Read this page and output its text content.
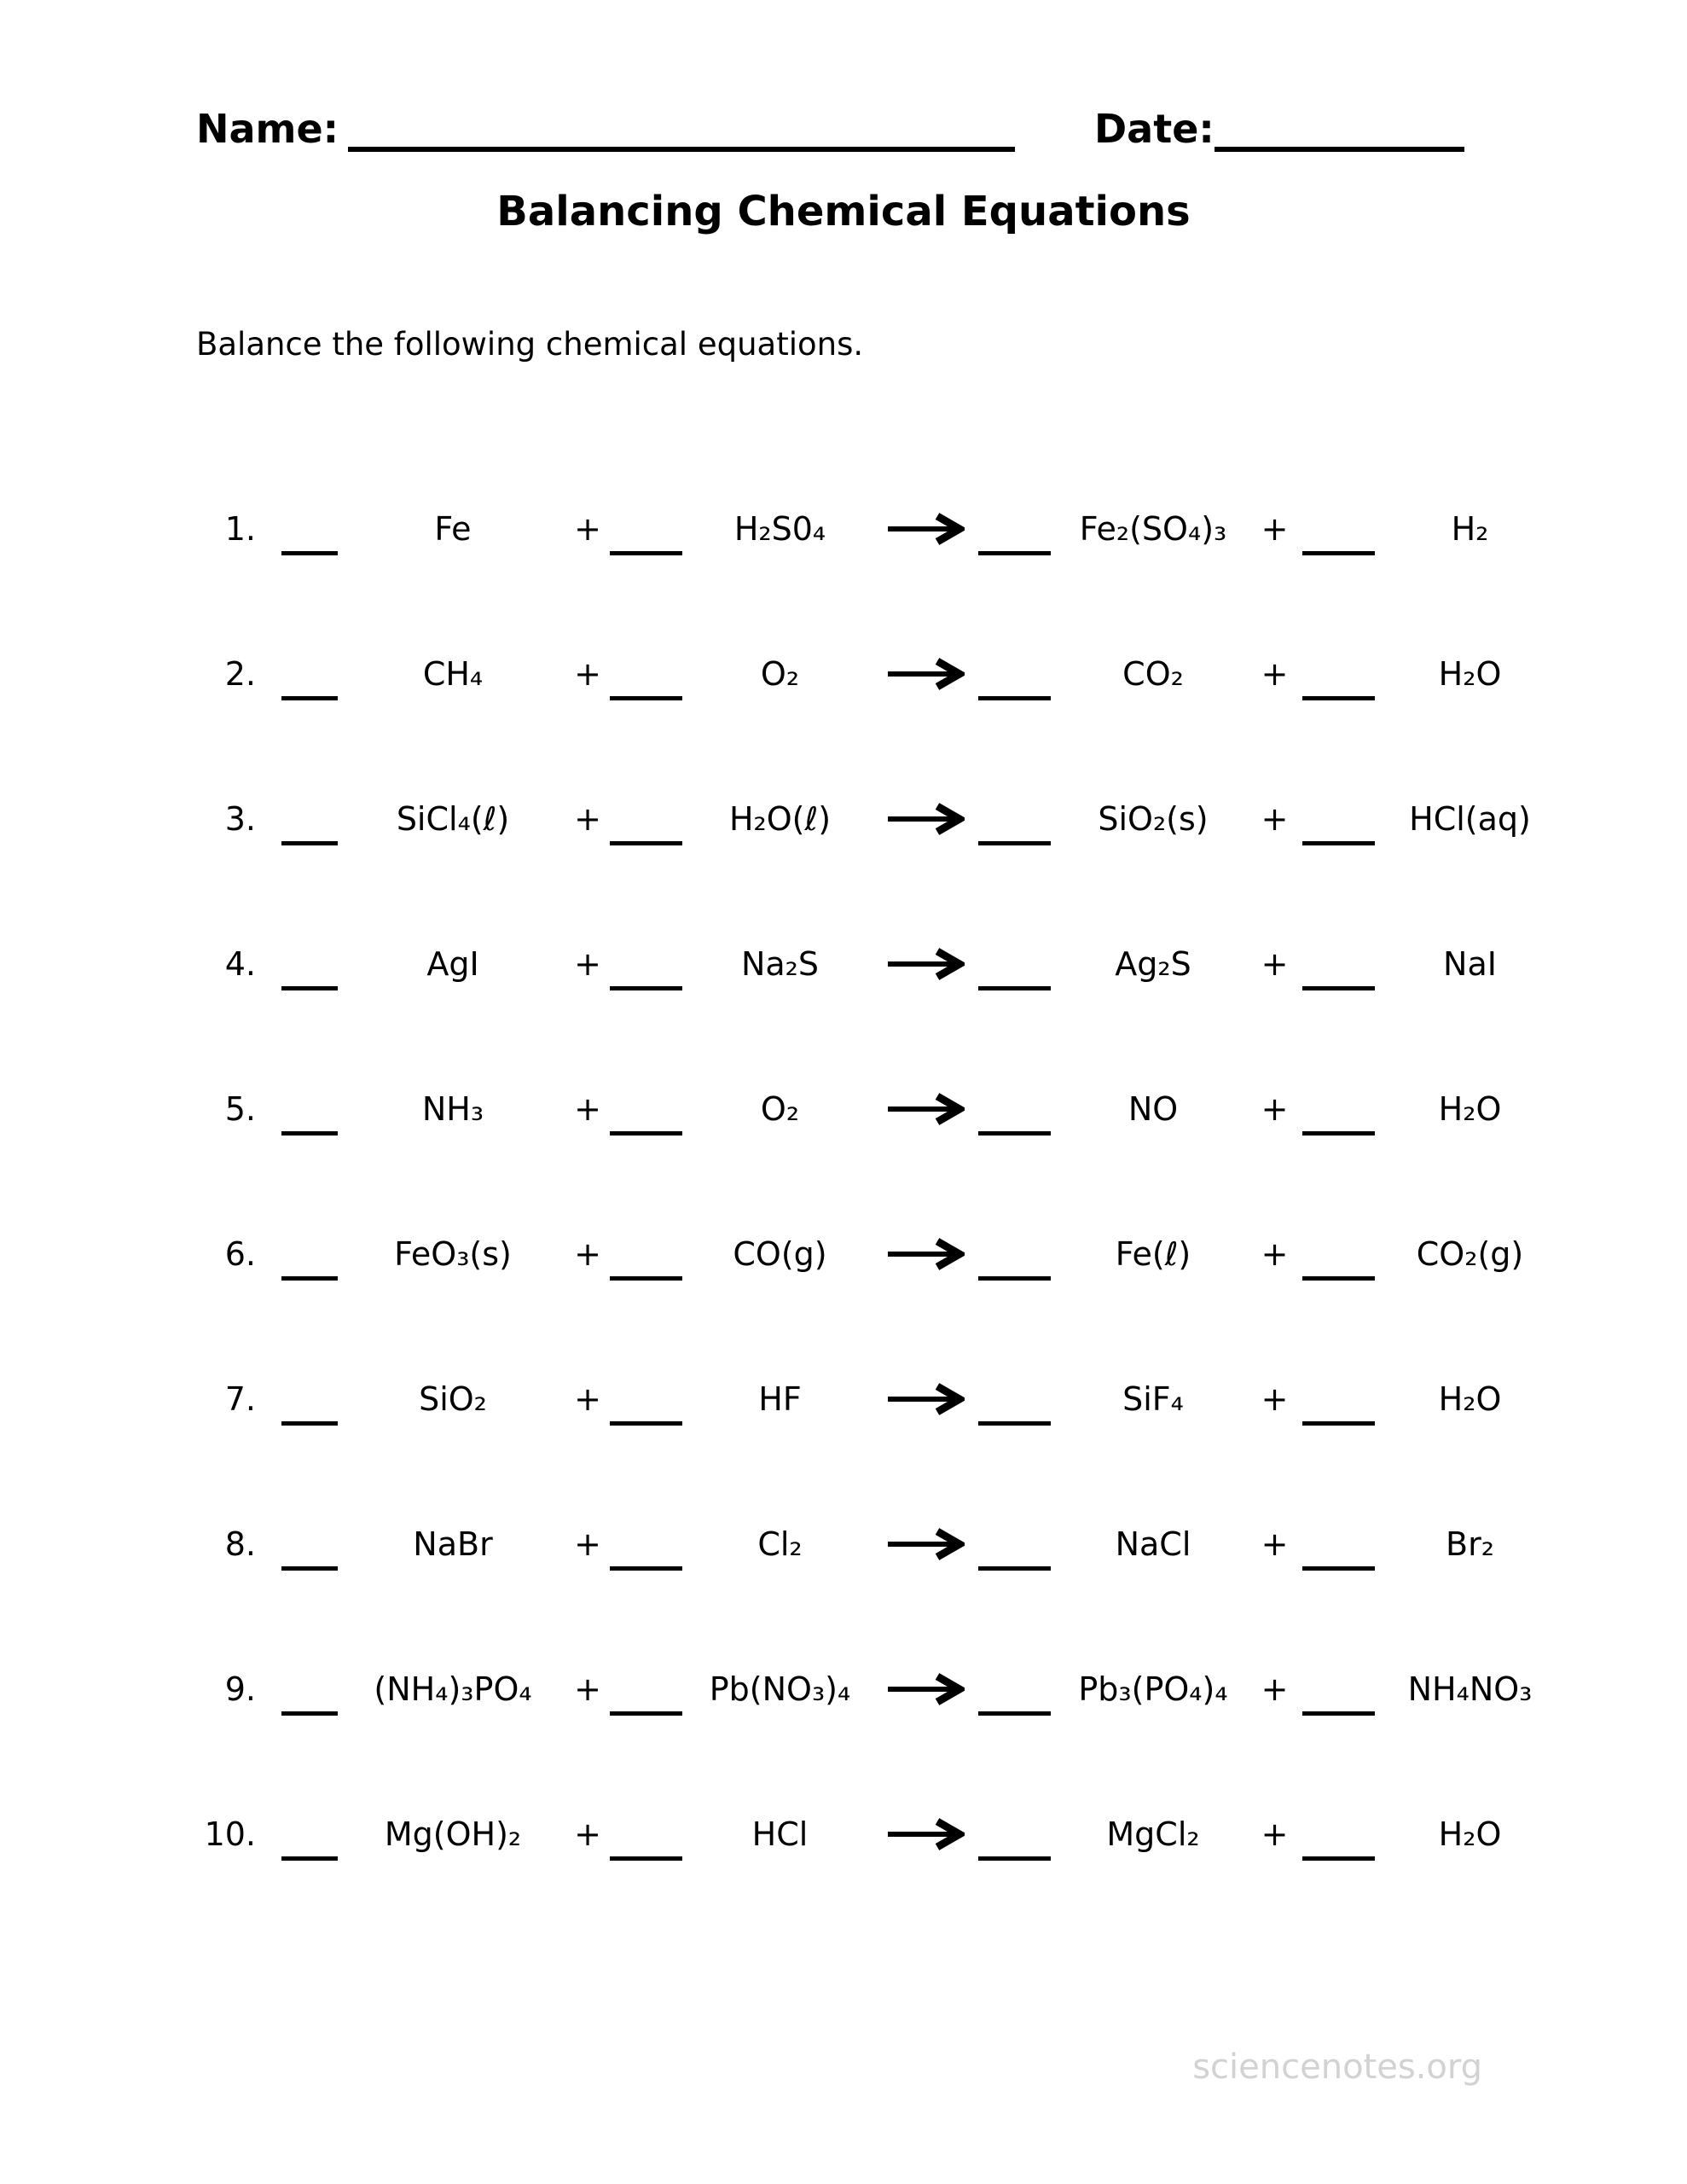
Name:	Date:
Balancing Chemical Equations
Balance the following chemical equations.
1.	Fe	+	H₂S0₄	Fe₂(SO₄)₃	+	H₂
2.	CH₄	+	O₂	CO₂	+	H₂O
3.	SiCl₄(ℓ)	+	H₂O(ℓ)	SiO₂(s)	+	HCl(aq)
4.	AgI	+	Na₂S	Ag₂S	+	NaI
5.	NH₃	+	O₂	NO	+	H₂O
6.	FeO₃(s)	+	CO(g)	Fe(ℓ)	+	CO₂(g)
7.	SiO₂	+	HF	SiF₄	+	H₂O
8.	NaBr	+	Cl₂	NaCl	+	Br₂
9.	(NH₄)₃PO₄	+	Pb(NO₃)₄	Pb₃(PO₄)₄	+	NH₄NO₃
10.	Mg(OH)₂	+	HCl	MgCl₂	+	H₂O
sciencenotes.org
